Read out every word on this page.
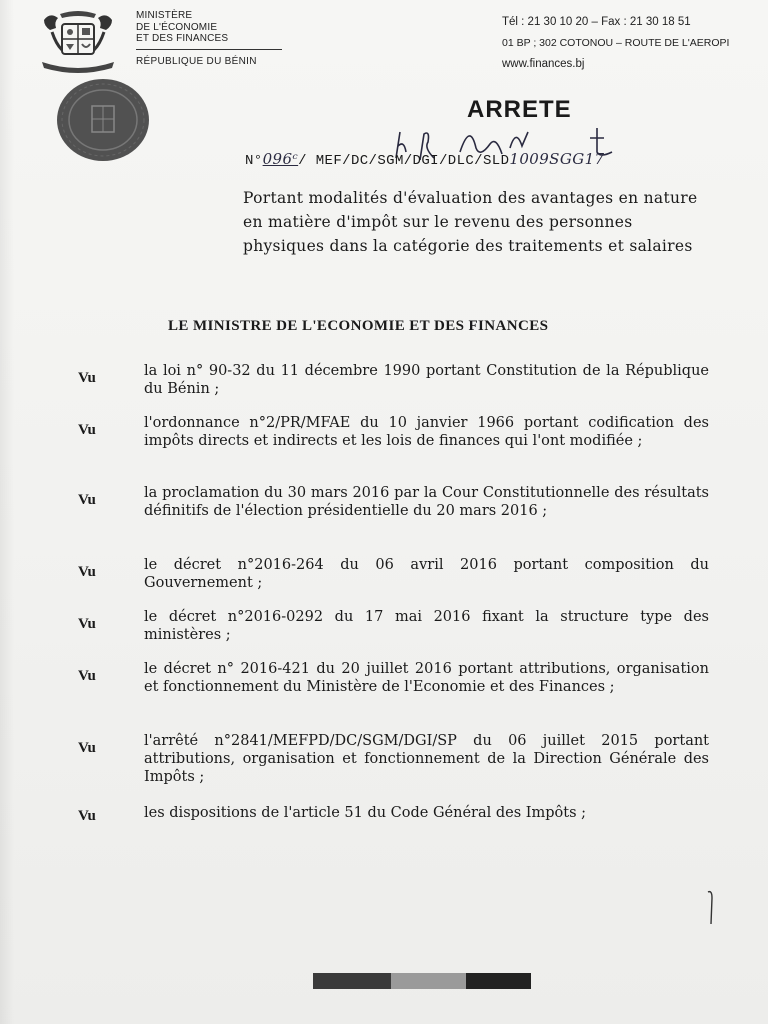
MINISTÈRE
DE L'ÉCONOMIE
ET DES FINANCES
RÉPUBLIQUE DU BÉNIN
Tél : 21 30 10 20 – Fax : 21 30 18 51
01 BP ; 302 COTONOU – ROUTE DE L'AEROPI
www.finances.bj
ARRETE
N°096ᶜ/ MEF/DC/SGM/DGI/DLC/SLD1009SGG17
Portant modalités d'évaluation des avantages en nature en matière d'impôt sur le revenu des personnes physiques dans la catégorie des traitements et salaires
LE MINISTRE DE L'ECONOMIE ET DES FINANCES
Vu	la loi n° 90-32 du 11 décembre 1990 portant Constitution de la République du Bénin ;
Vu	l'ordonnance n°2/PR/MFAE du 10 janvier 1966 portant codification des impôts directs et indirects et les lois de finances qui l'ont modifiée ;
Vu	la proclamation du 30 mars 2016 par la Cour Constitutionnelle des résultats définitifs de l'élection présidentielle du 20 mars 2016 ;
Vu	le décret n°2016-264 du 06 avril 2016 portant composition du Gouvernement ;
Vu	le décret n°2016-0292 du 17 mai 2016 fixant la structure type des ministères ;
Vu	le décret n° 2016-421 du 20 juillet 2016 portant attributions, organisation et fonctionnement du Ministère de l'Economie et des Finances ;
Vu	l'arrêté n°2841/MEFPD/DC/SGM/DGI/SP du 06 juillet 2015 portant attributions, organisation et fonctionnement de la Direction Générale des Impôts ;
Vu	les dispositions de l'article 51 du Code Général des Impôts ;
